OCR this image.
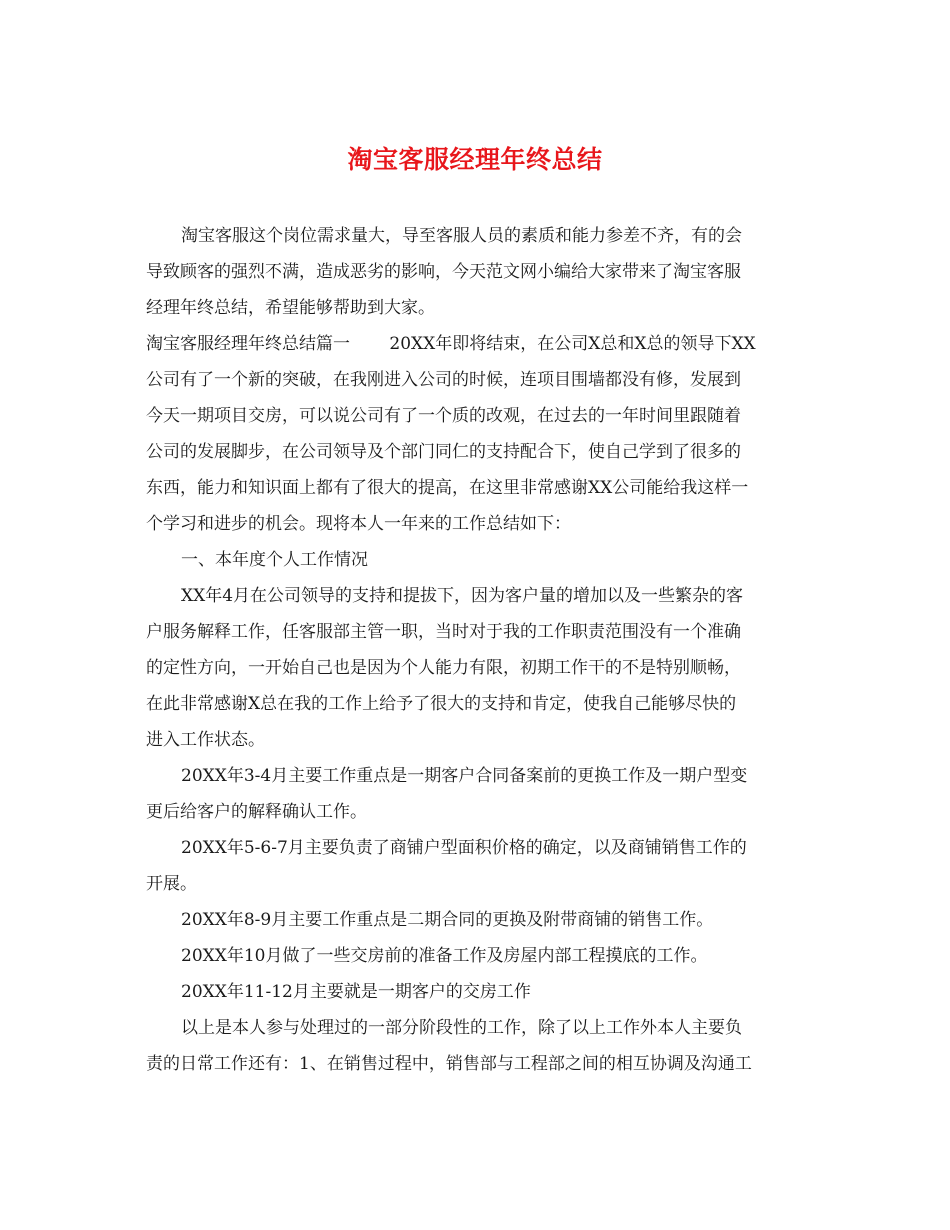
淘宝客服经理年终总结
淘宝客服这个岗位需求量大，导至客服人员的素质和能力参差不齐，有的会
导致顾客的强烈不满，造成恶劣的影响，今天范文网小编给大家带来了淘宝客服
经理年终总结，希望能够帮助到大家。
淘宝客服经理年终总结篇一　　 20XX年即将结束，在公司X总和X总的领导下XX
公司有了一个新的突破，在我刚进入公司的时候，连项目围墙都没有修，发展到
今天一期项目交房，可以说公司有了一个质的改观，在过去的一年时间里跟随着
公司的发展脚步，在公司领导及个部门同仁的支持配合下，使自己学到了很多的
东西，能力和知识面上都有了很大的提高，在这里非常感谢XX公司能给我这样一
个学习和进步的机会。现将本人一年来的工作总结如下：
一、本年度个人工作情况
XX年4月在公司领导的支持和提拔下，因为客户量的增加以及一些繁杂的客
户服务解释工作，任客服部主管一职，当时对于我的工作职责范围没有一个准确
的定性方向，一开始自己也是因为个人能力有限，初期工作干的不是特别顺畅，
在此非常感谢X总在我的工作上给予了很大的支持和肯定，使我自己能够尽快的
进入工作状态。
20XX年3-4月主要工作重点是一期客户合同备案前的更换工作及一期户型变
更后给客户的解释确认工作。
20XX年5-6-7月主要负责了商铺户型面积价格的确定，以及商铺销售工作的
开展。
20XX年8-9月主要工作重点是二期合同的更换及附带商铺的销售工作。
20XX年10月做了一些交房前的准备工作及房屋内部工程摸底的工作。
20XX年11-12月主要就是一期客户的交房工作
以上是本人参与处理过的一部分阶段性的工作，除了以上工作外本人主要负
责的日常工作还有：1、在销售过程中，销售部与工程部之间的相互协调及沟通工
